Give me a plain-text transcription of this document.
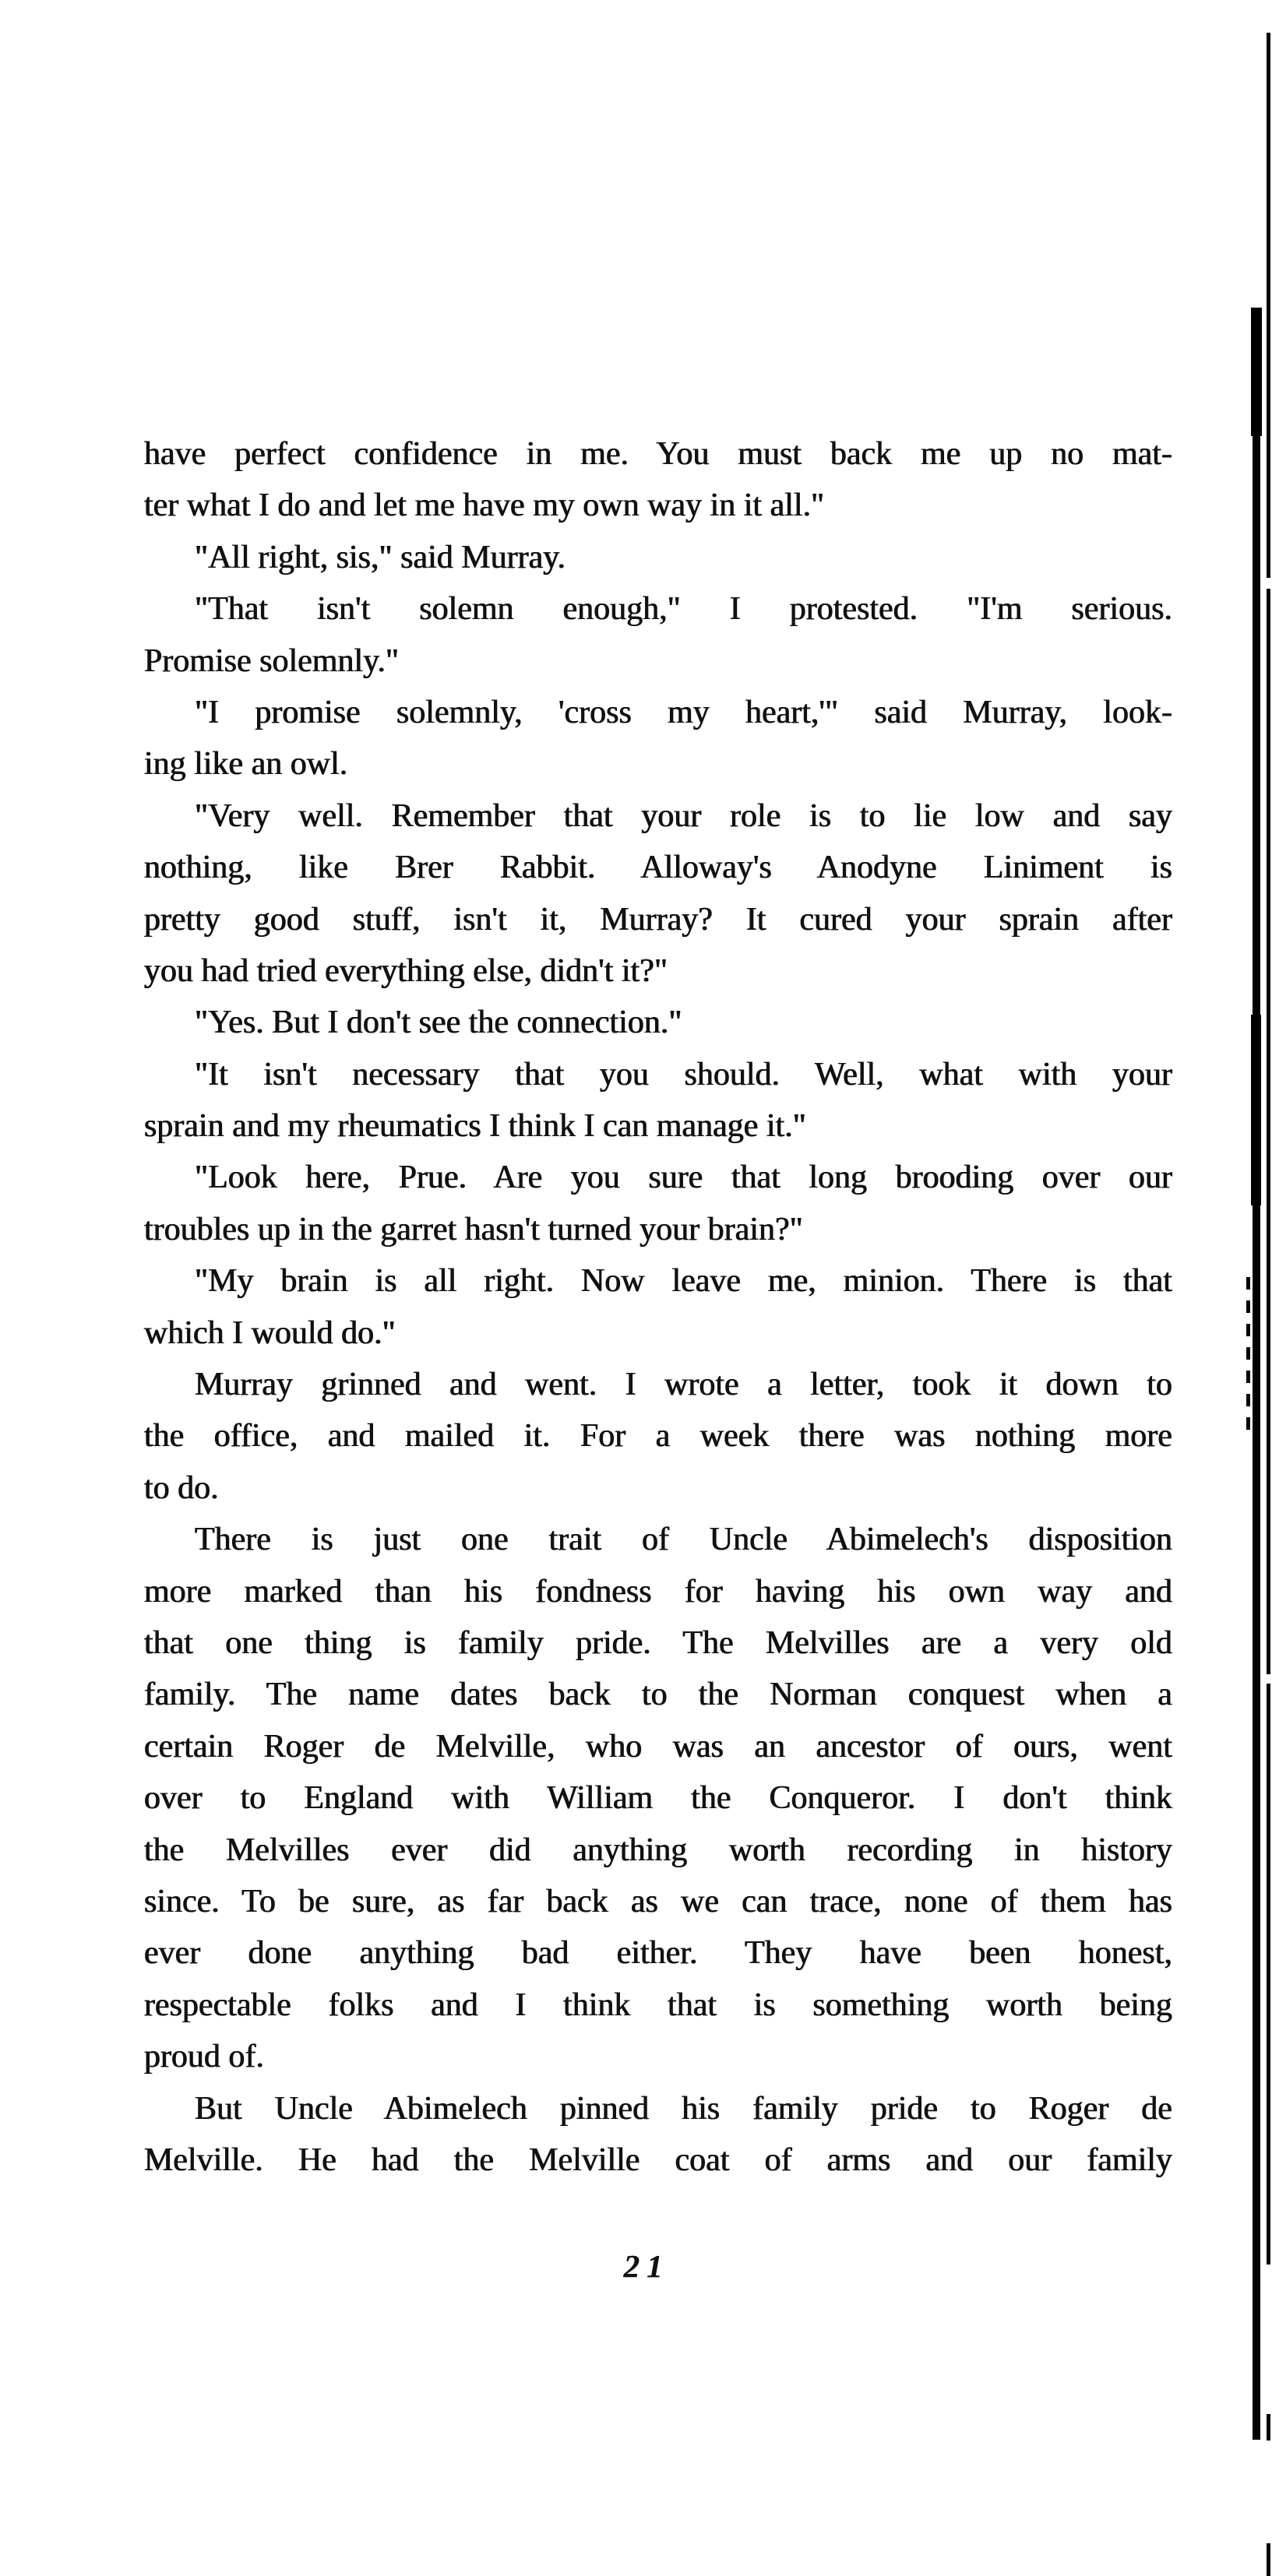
have perfect confidence in me. You must back me up no mat-
ter what I do and let me have my own way in it all."
"All right, sis," said Murray.
"That isn't solemn enough," I protested. "I'm serious.
Promise solemnly."
"I promise solemnly, 'cross my heart,'" said Murray, look-
ing like an owl.
"Very well. Remember that your role is to lie low and say
nothing, like Brer Rabbit. Alloway's Anodyne Liniment is
pretty good stuff, isn't it, Murray? It cured your sprain after
you had tried everything else, didn't it?"
"Yes. But I don't see the connection."
"It isn't necessary that you should. Well, what with your
sprain and my rheumatics I think I can manage it."
"Look here, Prue. Are you sure that long brooding over our
troubles up in the garret hasn't turned your brain?"
"My brain is all right. Now leave me, minion. There is that
which I would do."
Murray grinned and went. I wrote a letter, took it down to
the office, and mailed it. For a week there was nothing more
to do.
There is just one trait of Uncle Abimelech's disposition
more marked than his fondness for having his own way and
that one thing is family pride. The Melvilles are a very old
family. The name dates back to the Norman conquest when a
certain Roger de Melville, who was an ancestor of ours, went
over to England with William the Conqueror. I don't think
the Melvilles ever did anything worth recording in history
since. To be sure, as far back as we can trace, none of them has
ever done anything bad either. They have been honest,
respectable folks and I think that is something worth being
proud of.
But Uncle Abimelech pinned his family pride to Roger de
Melville. He had the Melville coat of arms and our family
21
